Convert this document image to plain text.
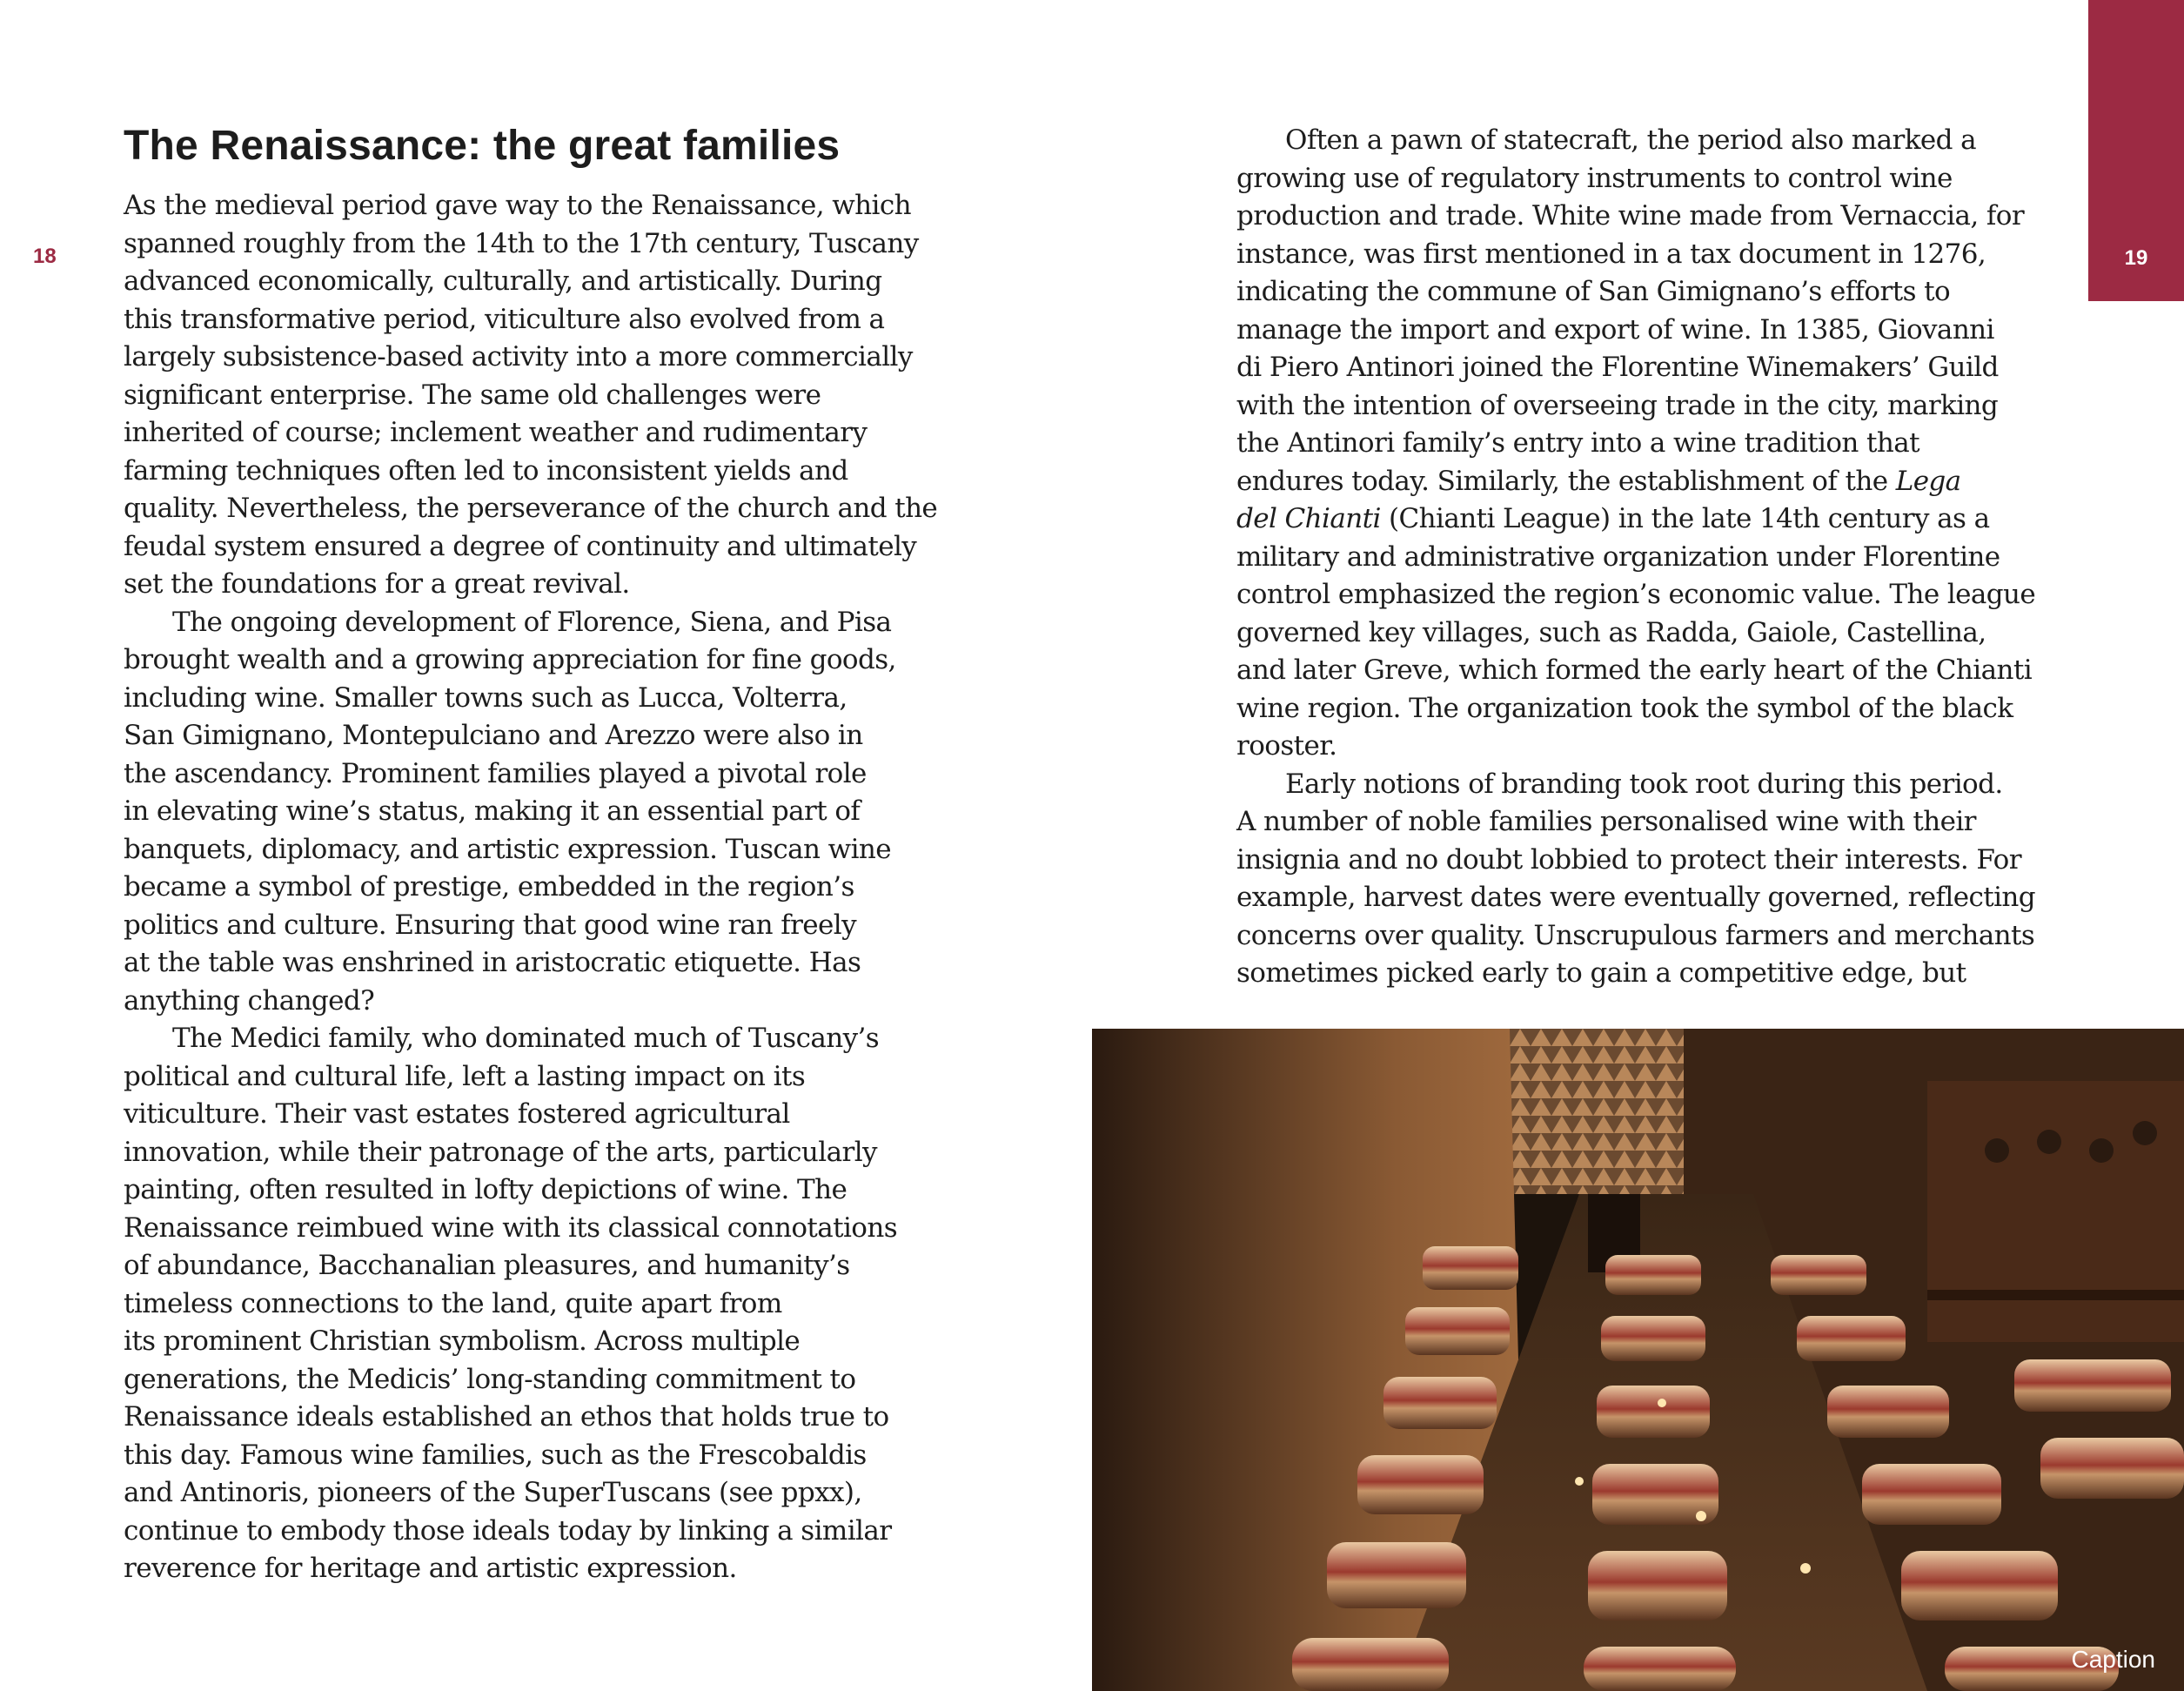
18
The Renaissance: the great families
As the medieval period gave way to the Renaissance, which
spanned roughly from the 14th to the 17th century, Tuscany
advanced economically, culturally, and artistically. During
this transformative period, viticulture also evolved from a
largely subsistence-based activity into a more commercially
significant enterprise. The same old challenges were
inherited of course; inclement weather and rudimentary
farming techniques often led to inconsistent yields and
quality. Nevertheless, the perseverance of the church and the
feudal system ensured a degree of continuity and ultimately
set the foundations for a great revival.
The ongoing development of Florence, Siena, and Pisa
brought wealth and a growing appreciation for fine goods,
including wine. Smaller towns such as Lucca, Volterra,
San Gimignano, Montepulciano and Arezzo were also in
the ascendancy. Prominent families played a pivotal role
in elevating wine’s status, making it an essential part of
banquets, diplomacy, and artistic expression. Tuscan wine
became a symbol of prestige, embedded in the region’s
politics and culture. Ensuring that good wine ran freely
at the table was enshrined in aristocratic etiquette. Has
anything changed?
The Medici family, who dominated much of Tuscany’s
political and cultural life, left a lasting impact on its
viticulture. Their vast estates fostered agricultural
innovation, while their patronage of the arts, particularly
painting, often resulted in lofty depictions of wine. The
Renaissance reimbued wine with its classical connotations
of abundance, Bacchanalian pleasures, and humanity’s
timeless connections to the land, quite apart from
its prominent Christian symbolism. Across multiple
generations, the Medicis’ long-standing commitment to
Renaissance ideals established an ethos that holds true to
this day. Famous wine families, such as the Frescobaldis
and Antinoris, pioneers of the SuperTuscans (see ppxx),
continue to embody those ideals today by linking a similar
reverence for heritage and artistic expression.
19
Often a pawn of statecraft, the period also marked a
growing use of regulatory instruments to control wine
production and trade. White wine made from Vernaccia, for
instance, was first mentioned in a tax document in 1276,
indicating the commune of San Gimignano’s efforts to
manage the import and export of wine. In 1385, Giovanni
di Piero Antinori joined the Florentine Winemakers’ Guild
with the intention of overseeing trade in the city, marking
the Antinori family’s entry into a wine tradition that
endures today. Similarly, the establishment of the Lega
del Chianti (Chianti League) in the late 14th century as a
military and administrative organization under Florentine
control emphasized the region’s economic value. The league
governed key villages, such as Radda, Gaiole, Castellina,
and later Greve, which formed the early heart of the Chianti
wine region. The organization took the symbol of the black
rooster.
Early notions of branding took root during this period.
A number of noble families personalised wine with their
insignia and no doubt lobbied to protect their interests. For
example, harvest dates were eventually governed, reflecting
concerns over quality. Unscrupulous farmers and merchants
sometimes picked early to gain a competitive edge, but
Caption
